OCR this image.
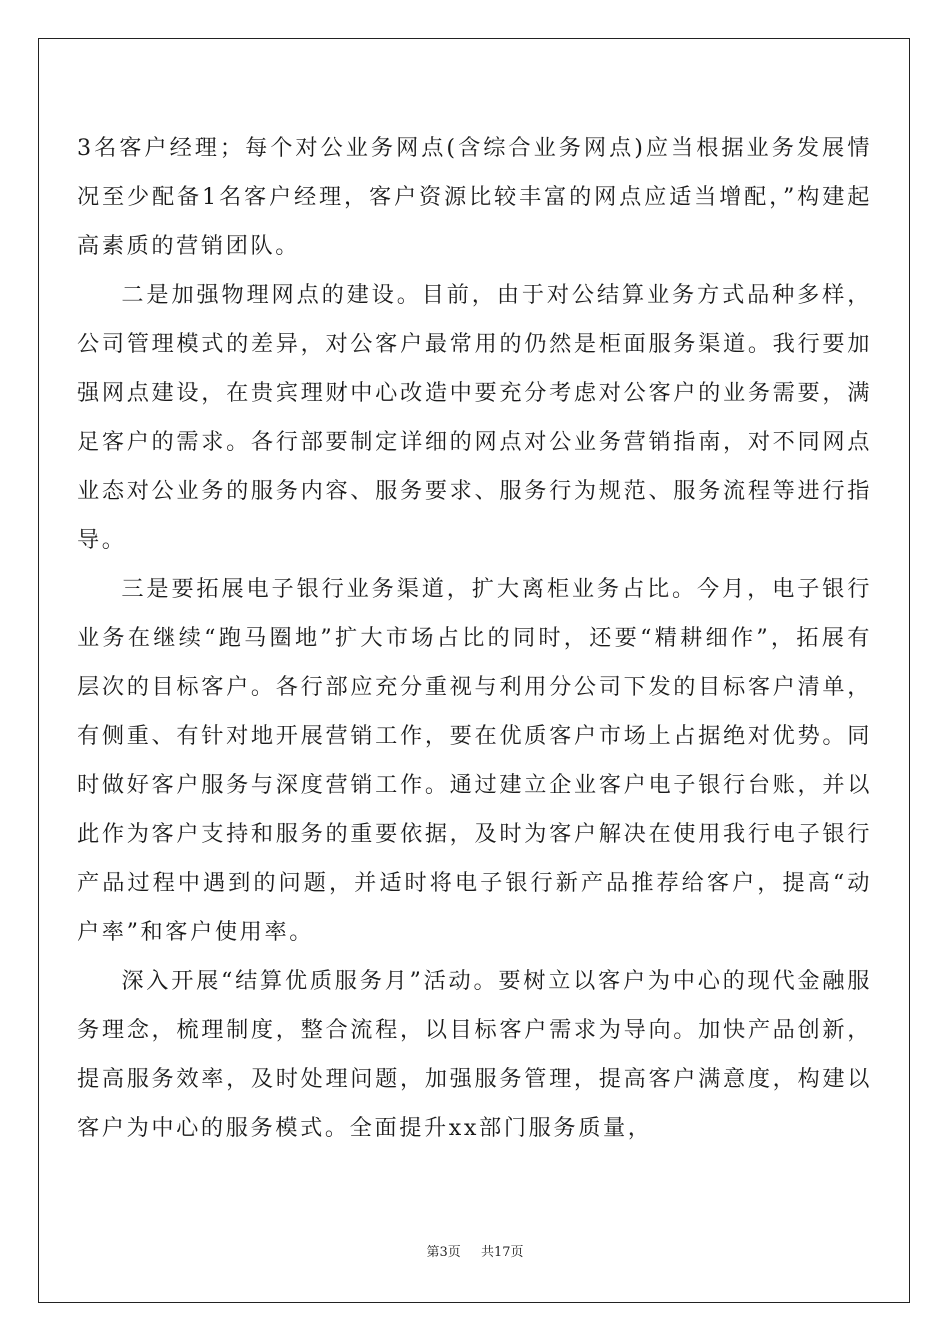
3名客户经理；每个对公业务网点(含综合业务网点)应当根据业务发展情况至少配备1名客户经理，客户资源比较丰富的网点应适当增配，”构建起高素质的营销团队。

二是加强物理网点的建设。目前，由于对公结算业务方式品种多样，公司管理模式的差异，对公客户最常用的仍然是柜面服务渠道。我行要加强网点建设，在贵宾理财中心改造中要充分考虑对公客户的业务需要，满足客户的需求。各行部要制定详细的网点对公业务营销指南，对不同网点业态对公业务的服务内容、服务要求、服务行为规范、服务流程等进行指导。

三是要拓展电子银行业务渠道，扩大离柜业务占比。今月，电子银行业务在继续“跑马圈地”扩大市场占比的同时，还要“精耕细作”，拓展有层次的目标客户。各行部应充分重视与利用分公司下发的目标客户清单，有侧重、有针对地开展营销工作，要在优质客户市场上占据绝对优势。同时做好客户服务与深度营销工作。通过建立企业客户电子银行台账，并以此作为客户支持和服务的重要依据，及时为客户解决在使用我行电子银行产品过程中遇到的问题，并适时将电子银行新产品推荐给客户，提高“动户率”和客户使用率。

深入开展“结算优质服务月”活动。要树立以客户为中心的现代金融服务理念，梳理制度，整合流程，以目标客户需求为导向。加快产品创新，提高服务效率，及时处理问题，加强服务管理，提高客户满意度，构建以客户为中心的服务模式。全面提升xx部门服务质量，

第3页 共17页
